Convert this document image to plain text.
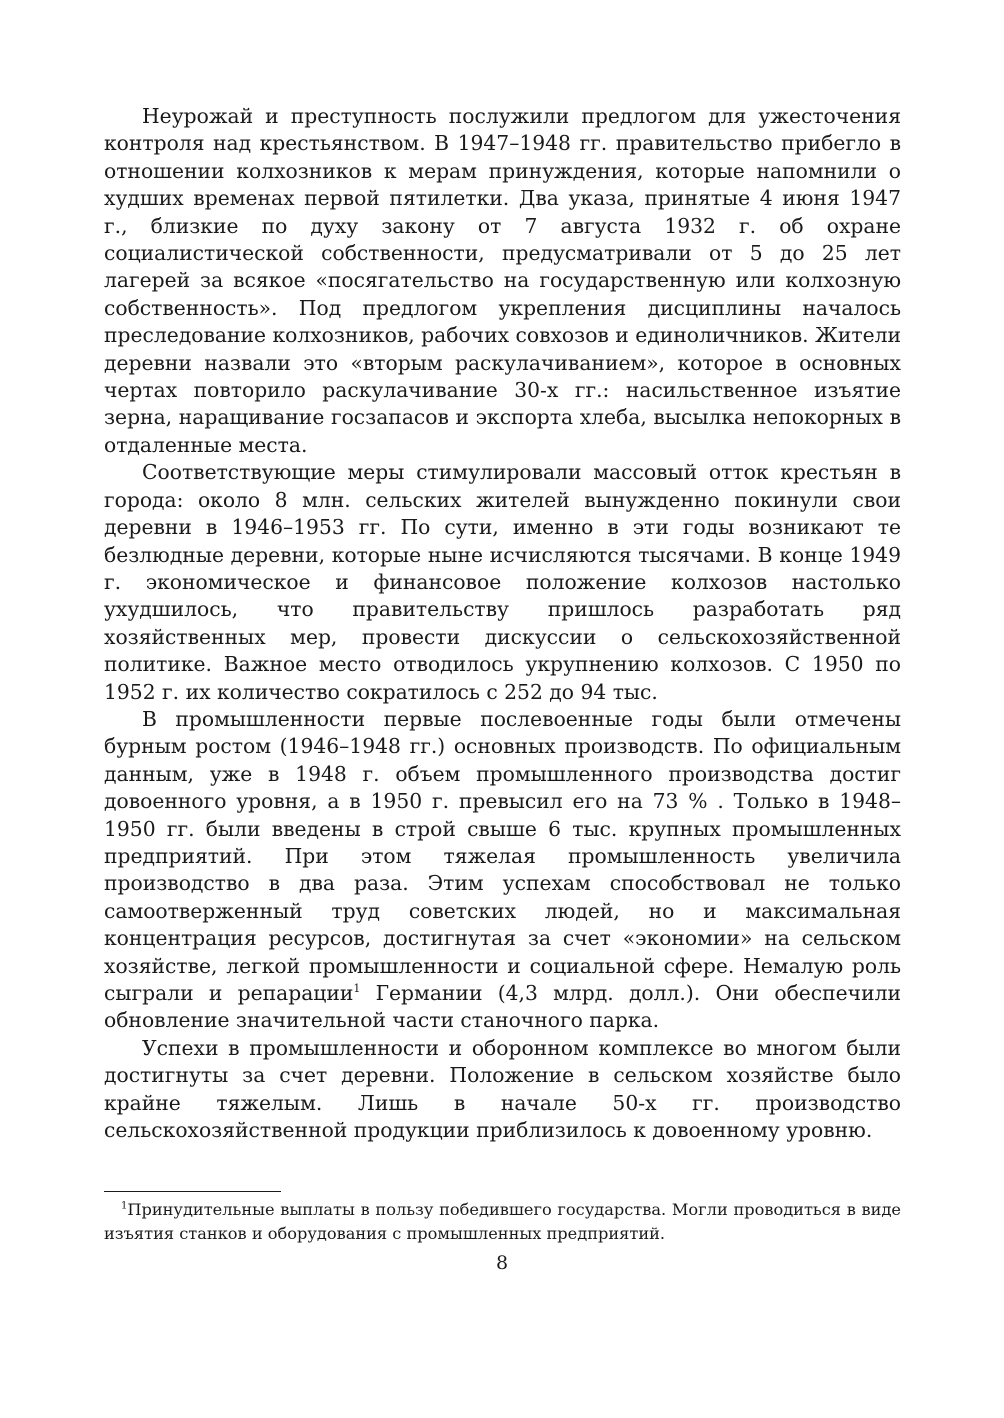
Неурожай и преступность послужили предлогом для ужесточения контроля над крестьянством. В 1947–1948 гг. правительство прибегло в отношении колхозников к мерам принуждения, которые напомнили о худших временах первой пятилетки. Два указа, принятые 4 июня 1947 г., близкие по духу закону от 7 августа 1932 г. об охране социалистической собственности, предусматривали от 5 до 25 лет лагерей за всякое «посягательство на государственную или колхозную собственность». Под предлогом укрепления дисциплины началось преследование колхозников, рабочих совхозов и единоличников. Жители деревни назвали это «вторым раскулачиванием», которое в основных чертах повторило раскулачивание 30-х гг.: насильственное изъятие зерна, наращивание госзапасов и экспорта хлеба, высылка непокорных в отдаленные места.

Соответствующие меры стимулировали массовый отток крестьян в города: около 8 млн. сельских жителей вынужденно покинули свои деревни в 1946–1953 гг. По сути, именно в эти годы возникают те безлюдные деревни, которые ныне исчисляются тысячами. В конце 1949 г. экономическое и финансовое положение колхозов настолько ухудшилось, что правительству пришлось разработать ряд хозяйственных мер, провести дискуссии о сельскохозяйственной политике. Важное место отводилось укрупнению колхозов. С 1950 по 1952 г. их количество сократилось с 252 до 94 тыс.

В промышленности первые послевоенные годы были отмечены бурным ростом (1946–1948 гг.) основных производств. По официальным данным, уже в 1948 г. объем промышленного производства достиг довоенного уровня, а в 1950 г. превысил его на 73 % . Только в 1948–1950 гг. были введены в строй свыше 6 тыс. крупных промышленных предприятий. При этом тяжелая промышленность увеличила производство в два раза. Этим успехам способствовал не только самоотверженный труд советских людей, но и максимальная концентрация ресурсов, достигнутая за счет «экономии» на сельском хозяйстве, легкой промышленности и социальной сфере. Немалую роль сыграли и репарации$^1$ Германии (4,3 млрд. долл.). Они обеспечили обновление значительной части станочного парка.

Успехи в промышленности и оборонном комплексе во многом были достигнуты за счет деревни. Положение в сельском хозяйстве было крайне тяжелым. Лишь в начале 50-х гг. производство сельскохозяйственной продукции приблизилось к довоенному уровню.

$^1$Принудительные выплаты в пользу победившего государства. Могли проводиться в виде изъятия станков и оборудования с промышленных предприятий.

8
